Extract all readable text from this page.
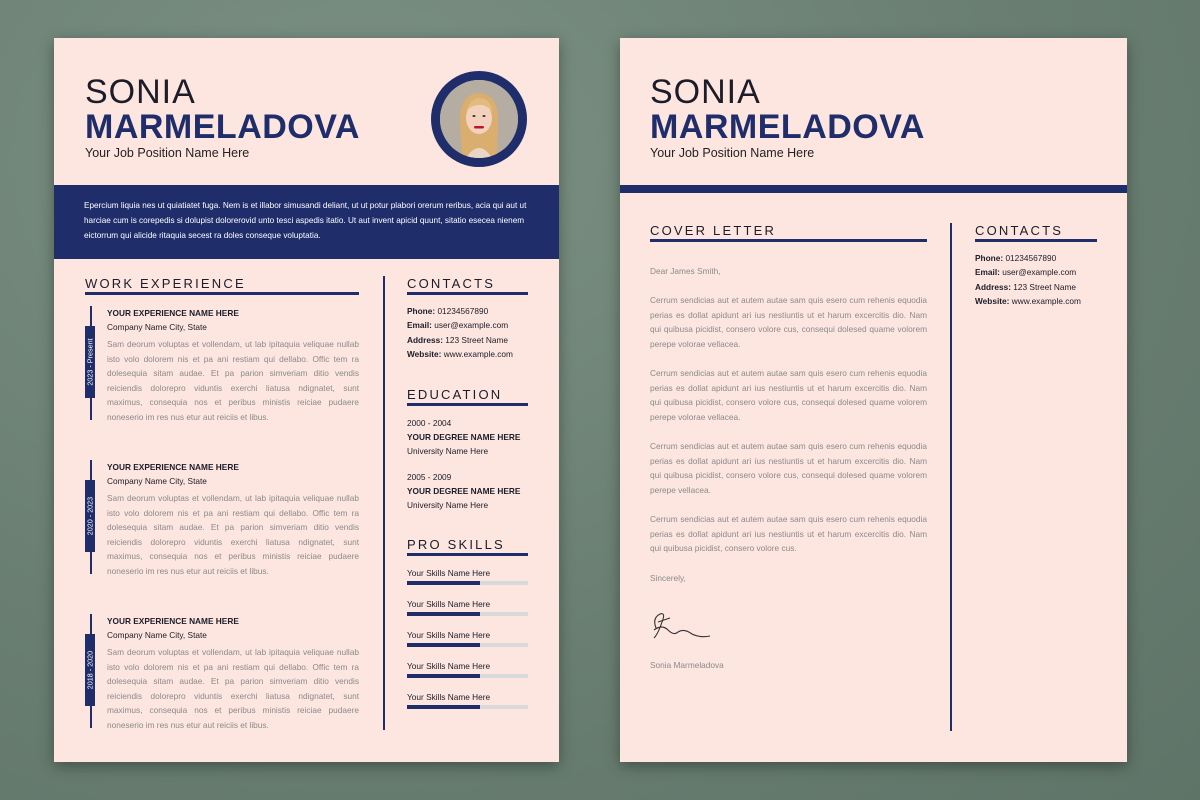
SONIA
MARMELADOVA
Your Job Position Name Here
Epercium liquia nes ut quiatiatet fuga. Nem is et illabor simusandi deliant, ut ut potur plabori orerum reribus, acia qui aut ut harciae cum is corepedis si dolupist dolorerovid unto tesci aspedis itatio. Ut aut invent apicid quunt, sitatio esecea nienem eictorrum qui alicide ritaquia secest ra doles conseque voluptatia.
WORK EXPERIENCE
2023 - Present
YOUR EXPERIENCE NAME HERE
Company Name City, State
Sam deorum voluptas et vollendam, ut lab ipitaquia veliquae nullab isto volo dolorem nis et pa ani restiam qui dellabo. Offic tem ra dolesequia sitam audae. Et pa parion simveriam ditio vendis reiciendis doloreprο viduntis exerchi liatusa ndignatet, sunt maximus, consequia nos et peribus ministis reiciae pudaere noneserio im res nus etur aut reiciis et libus.
2020 - 2023
YOUR EXPERIENCE NAME HERE
Company Name City, State
Sam deorum voluptas et vollendam, ut lab ipitaquia veliquae nullab isto volo dolorem nis et pa ani restiam qui dellabo. Offic tem ra dolesequia sitam audae. Et pa parion simveriam ditio vendis reiciendis doloreprο viduntis exerchi liatusa ndignatet, sunt maximus, consequia nos et peribus ministis reiciae pudaere noneserio im res nus etur aut reiciis et libus.
2018 - 2020
YOUR EXPERIENCE NAME HERE
Company Name City, State
Sam deorum voluptas et vollendam, ut lab ipitaquia veliquae nullab isto volo dolorem nis et pa ani restiam qui dellabo. Offic tem ra dolesequia sitam audae. Et pa parion simveriam ditio vendis reiciendis doloreprο viduntis exerchi liatusa ndignatet, sunt maximus, consequia nos et peribus ministis reiciae pudaere noneserio im res nus etur aut reiciis et libus.
CONTACTS
Phone: 01234567890
Email: user@example.com
Address: 123 Street Name
Website: www.example.com
EDUCATION
2000 - 2004
YOUR DEGREE NAME HERE
University Name Here
2005 - 2009
YOUR DEGREE NAME HERE
University Name Here
PRO SKILLS
Your Skills Name Here
Your Skills Name Here
Your Skills Name Here
Your Skills Name Here
Your Skills Name Here
SONIA
MARMELADOVA
Your Job Position Name Here
COVER LETTER
Dear James Smith,
Cerrum sendicias aut et autem autae sam quis esero cum rehenis equodia perias es dollat apidunt ari ius nestiuntis ut et harum excercitis dio. Nam qui quibusa picidist, consero volore cus, consequi dolesed quame volorem perepe volorae vellacea.
Cerrum sendicias aut et autem autae sam quis esero cum rehenis equodia perias es dollat apidunt ari ius nestiuntis ut et harum excercitis dio. Nam qui quibusa picidist, consero volore cus, consequi dolesed quame volorem perepe volorae vellacea.
Cerrum sendicias aut et autem autae sam quis esero cum rehenis equodia perias es dollat apidunt ari ius nestiuntis ut et harum excercitis dio. Nam qui quibusa picidist, consero volore cus, consequi dolesed quame volorem perepe vellacea.
Cerrum sendicias aut et autem autae sam quis esero cum rehenis equodia perias es dollat apidunt ari ius nestiuntis ut et harum excercitis dio. Nam qui quibusa picidist, consero volore cus.
Sincerely,
Sonia Marmeladova
CONTACTS
Phone: 01234567890
Email: user@example.com
Address: 123 Street Name
Website: www.example.com
